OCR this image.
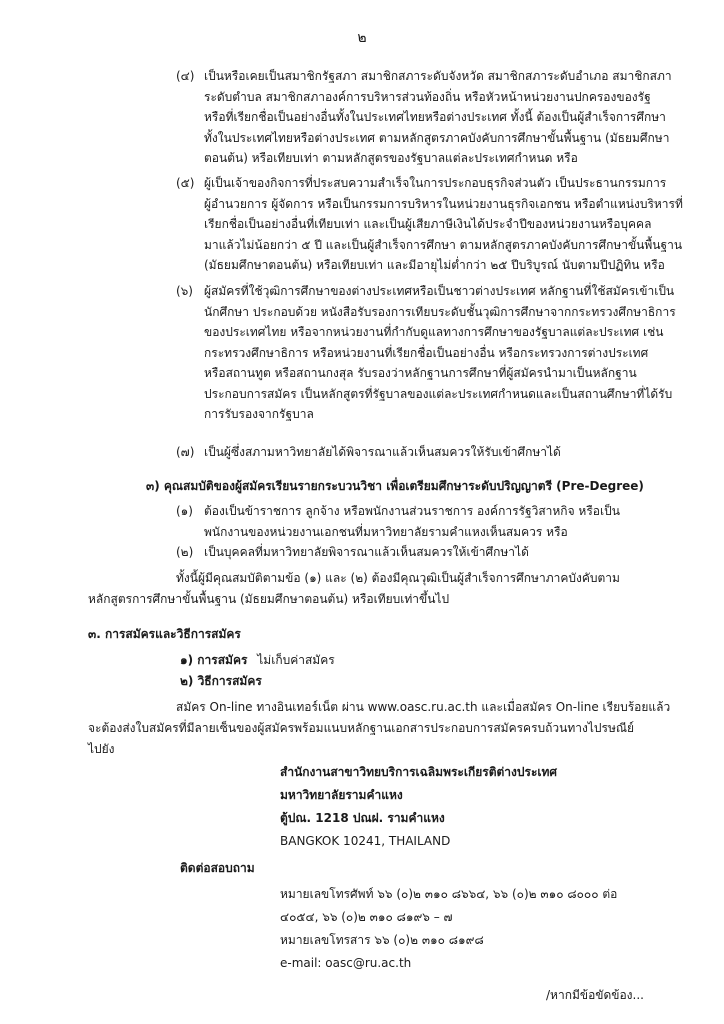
๒
(๔) เป็นหรือเคยเป็นสมาชิกรัฐสภา สมาชิกสภาระดับจังหวัด สมาชิกสภาระดับอำเภอ สมาชิกสภา
ระดับตำบล สมาชิกสภาองค์การบริหารส่วนท้องถิ่น หรือหัวหน้าหน่วยงานปกครองของรัฐ
หรือที่เรียกชื่อเป็นอย่างอื่นทั้งในประเทศไทยหรือต่างประเทศ ทั้งนี้ ต้องเป็นผู้สำเร็จการศึกษา
ทั้งในประเทศไทยหรือต่างประเทศ ตามหลักสูตรภาคบังคับการศึกษาขั้นพื้นฐาน (มัธยมศึกษา
ตอนต้น) หรือเทียบเท่า ตามหลักสูตรของรัฐบาลแต่ละประเทศกำหนด หรือ
(๕) ผู้เป็นเจ้าของกิจการที่ประสบความสำเร็จในการประกอบธุรกิจส่วนตัว เป็นประธานกรรมการ
ผู้อำนวยการ ผู้จัดการ หรือเป็นกรรมการบริหารในหน่วยงานธุรกิจเอกชน หรือตำแหน่งบริหารที่
เรียกชื่อเป็นอย่างอื่นที่เทียบเท่า และเป็นผู้เสียภาษีเงินได้ประจำปีของหน่วยงานหรือบุคคล
มาแล้วไม่น้อยกว่า ๕ ปี และเป็นผู้สำเร็จการศึกษา ตามหลักสูตรภาคบังคับการศึกษาขั้นพื้นฐาน
(มัธยมศึกษาตอนต้น) หรือเทียบเท่า และมีอายุไม่ต่ำกว่า ๒๕ ปีบริบูรณ์ นับตามปีปฏิทิน หรือ
(๖) ผู้สมัครที่ใช้วุฒิการศึกษาของต่างประเทศหรือเป็นชาวต่างประเทศ หลักฐานที่ใช้สมัครเข้าเป็น
นักศึกษา ประกอบด้วย หนังสือรับรองการเทียบระดับชั้นวุฒิการศึกษาจากกระทรวงศึกษาธิการ
ของประเทศไทย หรือจากหน่วยงานที่กำกับดูแลทางการศึกษาของรัฐบาลแต่ละประเทศ เช่น
กระทรวงศึกษาธิการ หรือหน่วยงานที่เรียกชื่อเป็นอย่างอื่น หรือกระทรวงการต่างประเทศ
หรือสถานทูต หรือสถานกงสุล รับรองว่าหลักฐานการศึกษาที่ผู้สมัครนำมาเป็นหลักฐาน
ประกอบการสมัคร เป็นหลักสูตรที่รัฐบาลของแต่ละประเทศกำหนดและเป็นสถานศึกษาที่ได้รับ
การรับรองจากรัฐบาล
(๗) เป็นผู้ซึ่งสภามหาวิทยาลัยได้พิจารณาแล้วเห็นสมควรให้รับเข้าศึกษาได้
๓) คุณสมบัติของผู้สมัครเรียนรายกระบวนวิชา เพื่อเตรียมศึกษาระดับปริญญาตรี (Pre-Degree)
(๑) ต้องเป็นข้าราชการ ลูกจ้าง หรือพนักงานส่วนราชการ องค์การรัฐวิสาหกิจ หรือเป็น
พนักงานของหน่วยงานเอกชนที่มหาวิทยาลัยรามคำแหงเห็นสมควร หรือ
(๒) เป็นบุคคลที่มหาวิทยาลัยพิจารณาแล้วเห็นสมควรให้เข้าศึกษาได้
ทั้งนี้ผู้มีคุณสมบัติตามข้อ (๑) และ (๒) ต้องมีคุณวุฒิเป็นผู้สำเร็จการศึกษาภาคบังคับตาม
หลักสูตรการศึกษาขั้นพื้นฐาน (มัธยมศึกษาตอนต้น) หรือเทียบเท่าขึ้นไป
๓. การสมัครและวิธีการสมัคร
๑) การสมัคร ไม่เก็บค่าสมัคร
๒) วิธีการสมัคร
สมัคร On-line ทางอินเทอร์เน็ต ผ่าน www.oasc.ru.ac.th และเมื่อสมัคร On-line เรียบร้อยแล้ว
จะต้องส่งใบสมัครที่มีลายเซ็นของผู้สมัครพร้อมแนบหลักฐานเอกสารประกอบการสมัครครบถ้วนทางไปรษณีย์
ไปยัง
สำนักงานสาขาวิทยบริการเฉลิมพระเกียรติต่างประเทศ
มหาวิทยาลัยรามคำแหง
ตู้ปณ. 1218 ปณฝ. รามคำแหง
BANGKOK 10241, THAILAND
ติดต่อสอบถาม
หมายเลขโทรศัพท์ ๖๖ (๐)๒ ๓๑๐ ๘๖๖๔, ๖๖ (๐)๒ ๓๑๐ ๘๐๐๐ ต่อ
๔๐๕๔, ๖๖ (๐)๒ ๓๑๐ ๘๑๙๖ – ๗
หมายเลขโทรสาร ๖๖ (๐)๒ ๓๑๐ ๘๑๙๘
e-mail: oasc@ru.ac.th
/หากมีข้อขัดข้อง...
